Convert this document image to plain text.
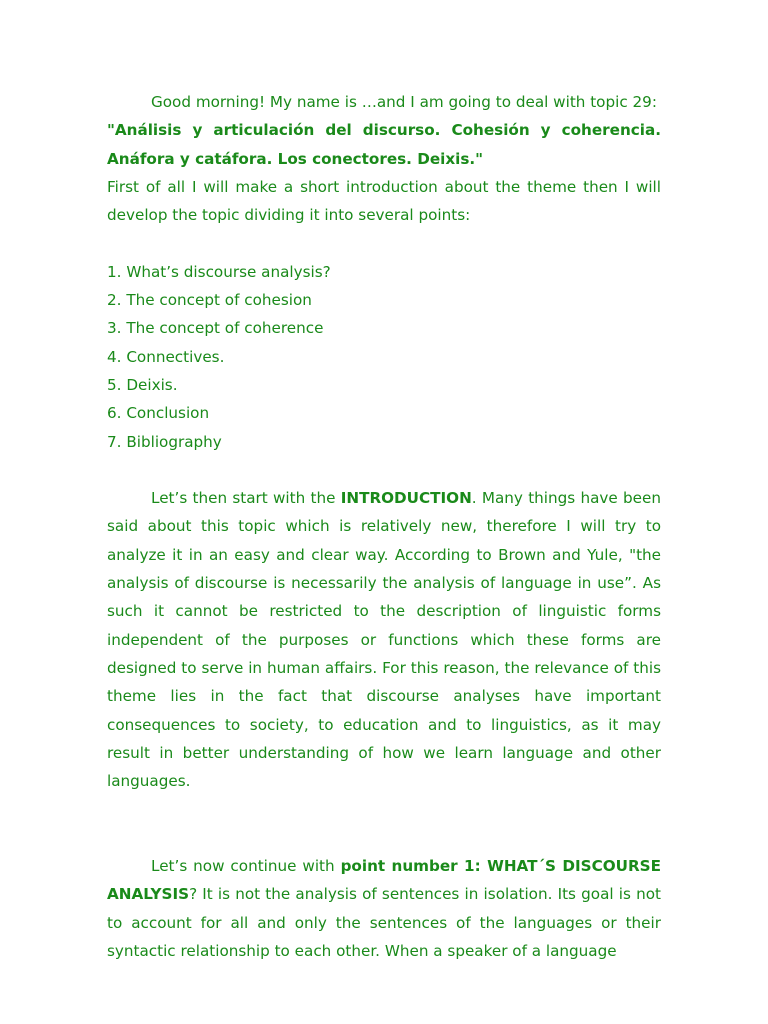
Good morning! My name is …and I am going to deal with topic 29:

"Análisis y articulación del discurso. Cohesión y coherencia.

Anáfora y catáfora. Los conectores. Deixis."

First of all I will make a short introduction about the theme then I will develop the topic dividing it into several points:

1. What’s discourse analysis?
2. The concept of cohesion
3. The concept of coherence
4. Connectives.
5. Deixis.
6. Conclusion
7. Bibliography

Let’s then start with the INTRODUCTION. Many things have been said about this topic which is relatively new, therefore I will try to analyze it in an easy and clear way. According to Brown and Yule, "the analysis of discourse is necessarily the analysis of language in use”. As such it cannot be restricted to the description of linguistic forms independent of the purposes or functions which these forms are designed to serve in human affairs. For this reason, the relevance of this theme lies in the fact that discourse analyses have important consequences to society, to education and to linguistics, as it may result in better understanding of how we learn language and other languages.

Let’s now continue with point number 1: WHAT´S DISCOURSE ANALYSIS? It is not the analysis of sentences in isolation. Its goal is not to account for all and only the sentences of the languages or their syntactic relationship to each other. When a speaker of a language
